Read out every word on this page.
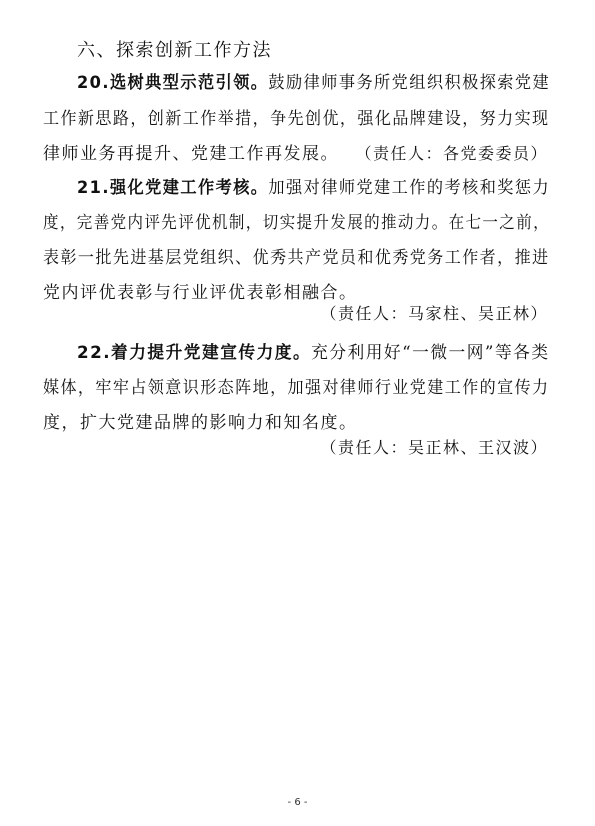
六、探索创新工作方法
20.选树典型示范引领。鼓励律师事务所党组织积极探索党建
工作新思路，创新工作举措，争先创优，强化品牌建设，努力实现
律师业务再提升、党建工作再发展。 （责任人：各党委委员）
21.强化党建工作考核。加强对律师党建工作的考核和奖惩力
度，完善党内评先评优机制，切实提升发展的推动力。在七一之前，
表彰一批先进基层党组织、优秀共产党员和优秀党务工作者，推进
党内评优表彰与行业评优表彰相融合。
（责任人：马家柱、吴正林）
22.着力提升党建宣传力度。充分利用好“一微一网”等各类
媒体，牢牢占领意识形态阵地，加强对律师行业党建工作的宣传力
度，扩大党建品牌的影响力和知名度。
（责任人：吴正林、王汉波）
- 6 -
